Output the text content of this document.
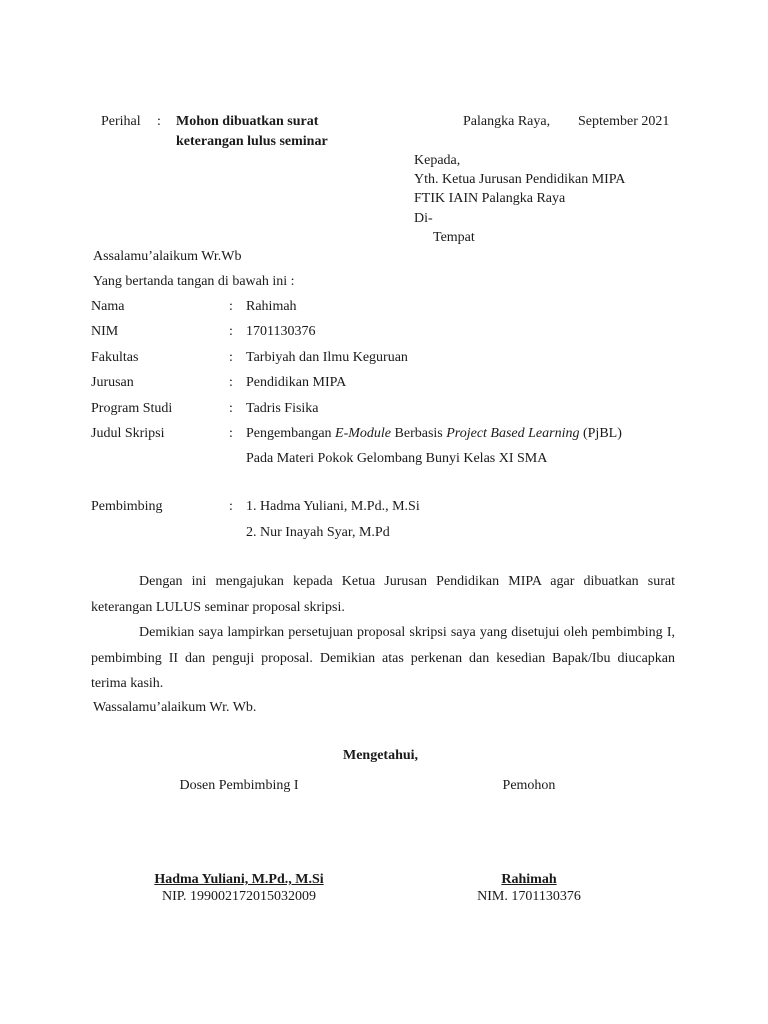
Perihal : Mohon dibuatkan surat
keterangan lulus seminar
Palangka Raya, September 2021
Kepada,
Yth. Ketua Jurusan Pendidikan MIPA
FTIK IAIN Palangka Raya
Di-
Tempat
Assalamu’alaikum Wr.Wb
Yang bertanda tangan di bawah ini :
Nama	: Rahimah
NIM	: 1701130376
Fakultas	: Tarbiyah dan Ilmu Keguruan
Jurusan	: Pendidikan MIPA
Program Studi	: Tadris Fisika
Judul Skripsi	: Pengembangan E-Module Berbasis Project Based Learning (PjBL)
Pada Materi Pokok Gelombang Bunyi Kelas XI SMA
Pembimbing	: 1. Hadma Yuliani, M.Pd., M.Si
2. Nur Inayah Syar, M.Pd

Dengan ini mengajukan kepada Ketua Jurusan Pendidikan MIPA agar dibuatkan surat keterangan LULUS seminar proposal skripsi.

Demikian saya lampirkan persetujuan proposal skripsi saya yang disetujui oleh pembimbing I, pembimbing II dan penguji proposal. Demikian atas perkenan dan kesedian Bapak/Ibu diucapkan terima kasih.

Wassalamu’alaikum Wr. Wb.
Mengetahui,
Dosen Pembimbing I
Hadma Yuliani, M.Pd., M.Si
NIP. 199002172015032009
Pemohon
Rahimah
NIM. 1701130376
